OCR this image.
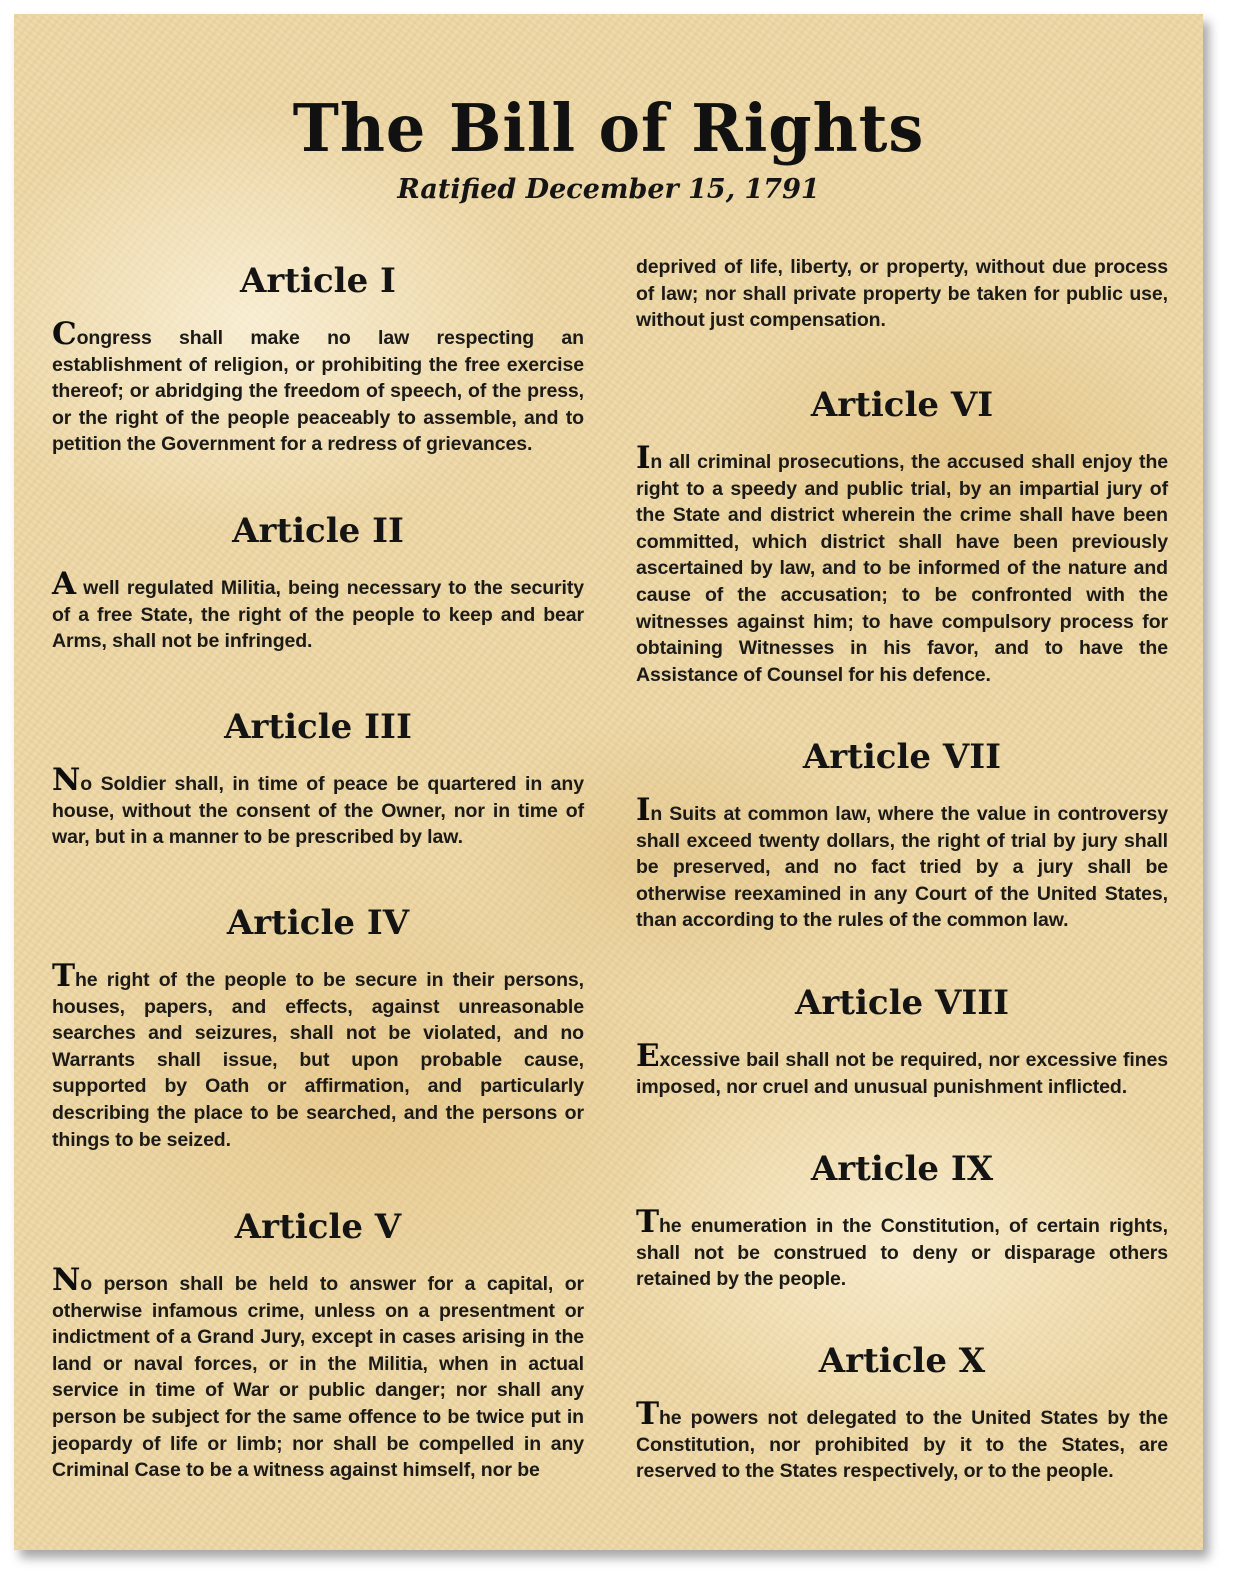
The Bill of Rights
Ratified December 15, 1791
Article I

Congress shall make no law respecting an establishment of religion, or prohibiting the free exercise thereof; or abridging the freedom of speech, of the press, or the right of the people peaceably to assemble, and to petition the Government for a redress of grievances.

Article II

A well regulated Militia, being necessary to the security of a free State, the right of the people to keep and bear Arms, shall not be infringed.

Article III

No Soldier shall, in time of peace be quartered in any house, without the consent of the Owner, nor in time of war, but in a manner to be prescribed by law.

Article IV

The right of the people to be secure in their persons, houses, papers, and effects, against unreasonable searches and seizures, shall not be violated, and no Warrants shall issue, but upon probable cause, supported by Oath or affirmation, and particularly describing the place to be searched, and the persons or things to be seized.

Article V

No person shall be held to answer for a capital, or otherwise infamous crime, unless on a presentment or indictment of a Grand Jury, except in cases arising in the land or naval forces, or in the Militia, when in actual service in time of War or public danger; nor shall any person be subject for the same offence to be twice put in jeopardy of life or limb; nor shall be compelled in any Criminal Case to be a witness against himself, nor be

deprived of life, liberty, or property, without due process of law; nor shall private property be taken for public use, without just compensation.

Article VI

In all criminal prosecutions, the accused shall enjoy the right to a speedy and public trial, by an impartial jury of the State and district wherein the crime shall have been committed, which district shall have been previously ascertained by law, and to be informed of the nature and cause of the accusation; to be confronted with the witnesses against him; to have compulsory process for obtaining Witnesses in his favor, and to have the Assistance of Counsel for his defence.

Article VII

In Suits at common law, where the value in controversy shall exceed twenty dollars, the right of trial by jury shall be preserved, and no fact tried by a jury shall be otherwise reexamined in any Court of the United States, than according to the rules of the common law.

Article VIII

Excessive bail shall not be required, nor excessive fines imposed, nor cruel and unusual punishment inflicted.

Article IX

The enumeration in the Constitution, of certain rights, shall not be construed to deny or disparage others retained by the people.

Article X

The powers not delegated to the United States by the Constitution, nor prohibited by it to the States, are reserved to the States respectively, or to the people.
